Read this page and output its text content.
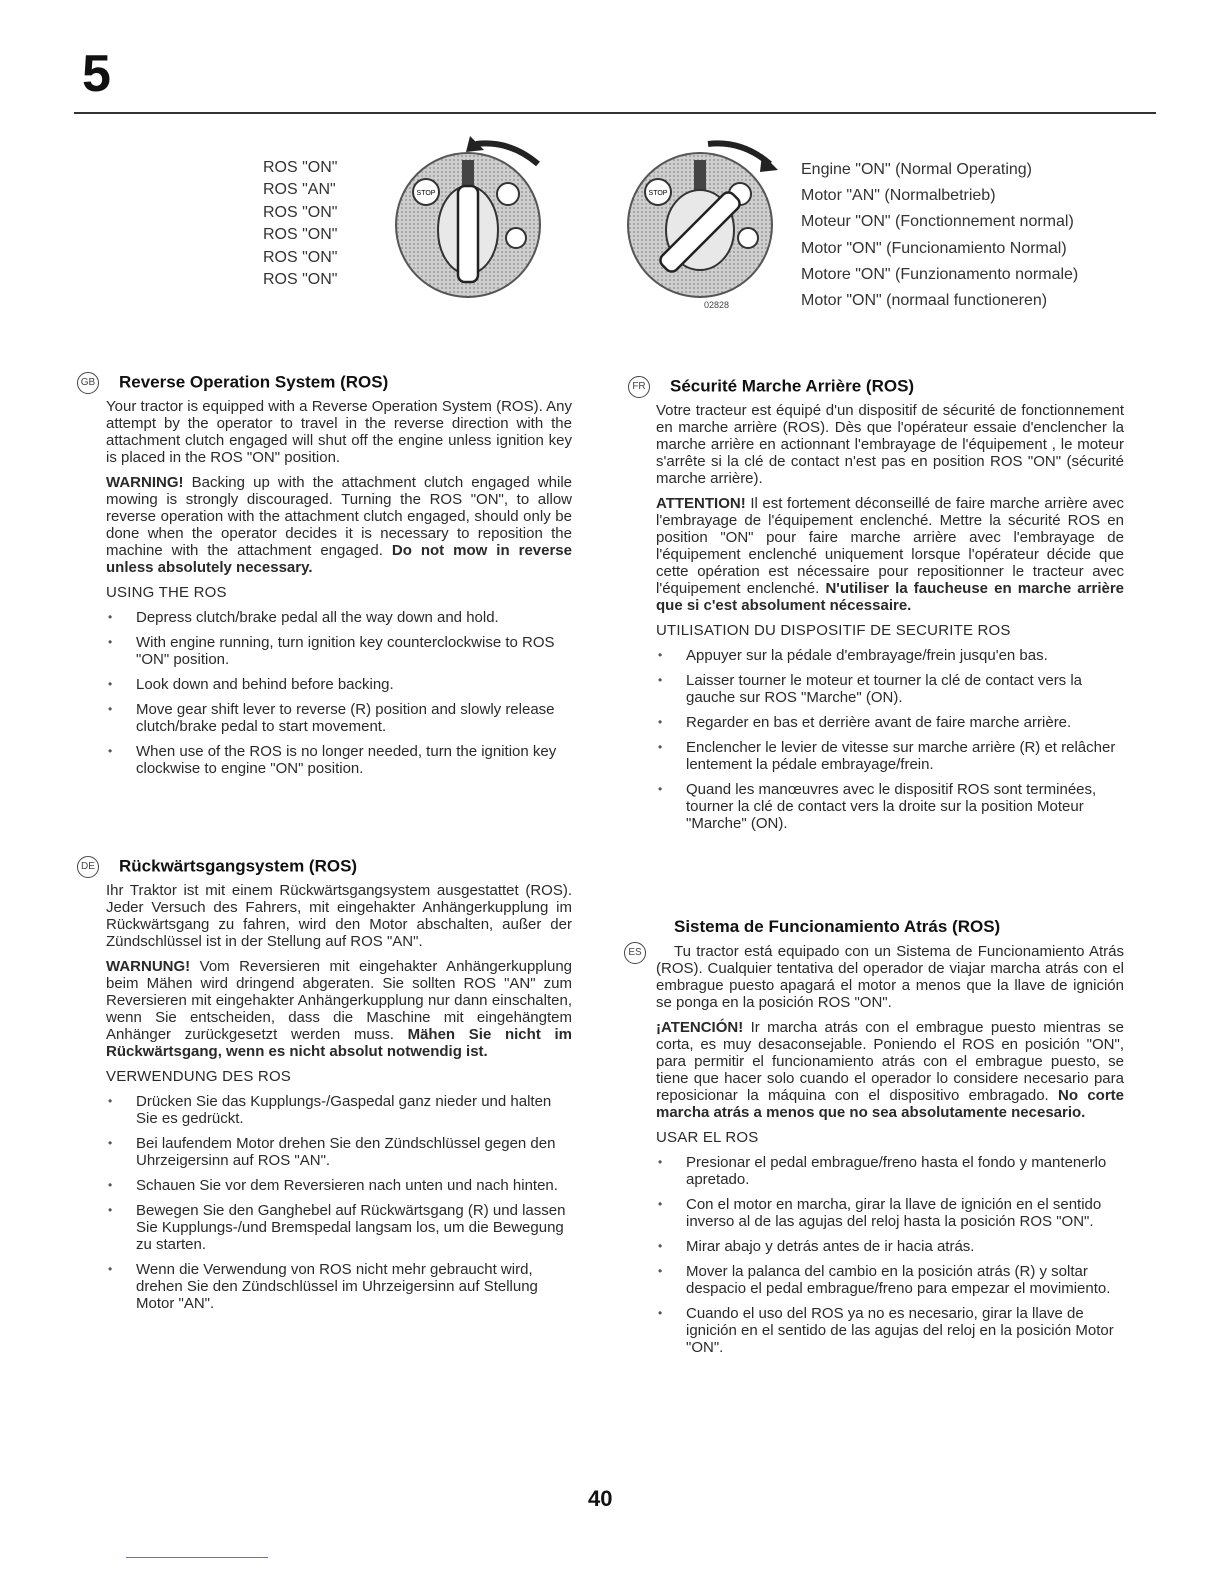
5
ROS "ON"
ROS "AN"
ROS "ON"
ROS "ON"
ROS "ON"
ROS "ON"
STOP	STOP
02828
Engine "ON" (Normal Operating)
Motor "AN" (Normalbetrieb)
Moteur "ON" (Fonctionnement normal)
Motor "ON" (Funcionamiento Normal)
Motore "ON" (Funzionamento normale)
Motor "ON" (normaal functioneren)
GB Reverse Operation System (ROS)

Your tractor is equipped with a Reverse Operation System (ROS). Any attempt by the operator to travel in the reverse direction with the attachment clutch engaged will shut off the engine unless ignition key is placed in the ROS "ON" position.

WARNING! Backing up with the attachment clutch engaged while mowing is strongly discouraged. Turning the ROS "ON", to allow reverse operation with the attachment clutch engaged, should only be done when the operator decides it is necessary to reposition the machine with the attachment engaged. Do not mow in reverse unless absolutely necessary.

USING THE ROS
• Depress clutch/brake pedal all the way down and hold.
• With engine running, turn ignition key counterclockwise to ROS "ON" position.
• Look down and behind before backing.
• Move gear shift lever to reverse (R) position and slowly release clutch/brake pedal to start movement.
• When use of the ROS is no longer needed, turn the ignition key clockwise to engine "ON" position.
DE Rückwärtsgangsystem (ROS)

Ihr Traktor ist mit einem Rückwärtsgangsystem ausgestattet (ROS). Jeder Versuch des Fahrers, mit eingehakter Anhängerkupplung im Rückwärtsgang zu fahren, wird den Motor abschalten, außer der Zündschlüssel ist in der Stellung auf ROS "AN".

WARNUNG! Vom Reversieren mit eingehakter Anhängerkupplung beim Mähen wird dringend abgeraten. Sie sollten ROS "AN" zum Reversieren mit eingehakter Anhängerkupplung nur dann einschalten, wenn Sie entscheiden, dass die Maschine mit eingehängtem Anhänger zurückgesetzt werden muss. Mähen Sie nicht im Rückwärtsgang, wenn es nicht absolut notwendig ist.

VERWENDUNG DES ROS
• Drücken Sie das Kupplungs-/Gaspedal ganz nieder und halten Sie es gedrückt.
• Bei laufendem Motor drehen Sie den Zündschlüssel gegen den Uhrzeigersinn auf ROS "AN".
• Schauen Sie vor dem Reversieren nach unten und nach hinten.
• Bewegen Sie den Ganghebel auf Rückwärtsgang (R) und lassen Sie Kupplungs-/und Bremspedal langsam los, um die Bewegung zu starten.
• Wenn die Verwendung von ROS nicht mehr gebraucht wird, drehen Sie den Zündschlüssel im Uhrzeigersinn auf Stellung Motor "AN".
FR Sécurité Marche Arrière (ROS)

Votre tracteur est équipé d'un dispositif de sécurité de fonctionnement en marche arrière (ROS). Dès que l'opérateur essaie d'enclencher la marche arrière en actionnant l'embrayage de l'équipement , le moteur s'arrête si la clé de contact n'est pas en position ROS "ON" (sécurité marche arrière).

ATTENTION! Il est fortement déconseillé de faire marche arrière avec l'embrayage de l'équipement enclenché. Mettre la sécurité ROS en position "ON" pour faire marche arrière avec l'embrayage de l'équipement enclenché uniquement lorsque l'opérateur décide que cette opération est nécessaire pour repositionner le tracteur avec l'équipement enclenché. N'utiliser la faucheuse en marche arrière que si c'est absolument nécessaire.

UTILISATION DU DISPOSITIF DE SECURITE ROS
• Appuyer sur la pédale d'embrayage/frein jusqu'en bas.
• Laisser tourner le moteur et tourner la clé de contact vers la gauche sur ROS "Marche" (ON).
• Regarder en bas et derrière avant de faire marche arrière.
• Enclencher le levier de vitesse sur marche arrière (R) et relâcher lentement la pédale embrayage/frein.
• Quand les manœuvres avec le dispositif ROS sont terminées, tourner la clé de contact vers la droite sur la position Moteur "Marche" (ON).
Sistema de Funcionamiento Atrás (ROS)
ES	Tu tractor está equipado con un Sistema de Funcionamiento Atrás (ROS). Cualquier tentativa del operador de viajar marcha atrás con el embrague puesto apagará el motor a menos que la llave de ignición se ponga en la posición ROS "ON".

¡ATENCIÓN! Ir marcha atrás con el embrague puesto mientras se corta, es muy desaconsejable. Poniendo el ROS en posición "ON", para permitir el funcionamiento atrás con el embrague puesto, se tiene que hacer solo cuando el operador lo considere necesario para reposicionar la máquina con el dispositivo embragado. No corte marcha atrás a menos que no sea absolutamente necesario.

USAR EL ROS
• Presionar el pedal embrague/freno hasta el fondo y mantenerlo apretado.
• Con el motor en marcha, girar la llave de ignición en el sentido inverso al de las agujas del reloj hasta la posición ROS "ON".
• Mirar abajo y detrás antes de ir hacia atrás.
• Mover la palanca del cambio en la posición atrás (R) y soltar despacio el pedal embrague/freno para empezar el movimiento.
• Cuando el uso del ROS ya no es necesario, girar la llave de ignición en el sentido de las agujas del reloj en la posición Motor "ON".
40
